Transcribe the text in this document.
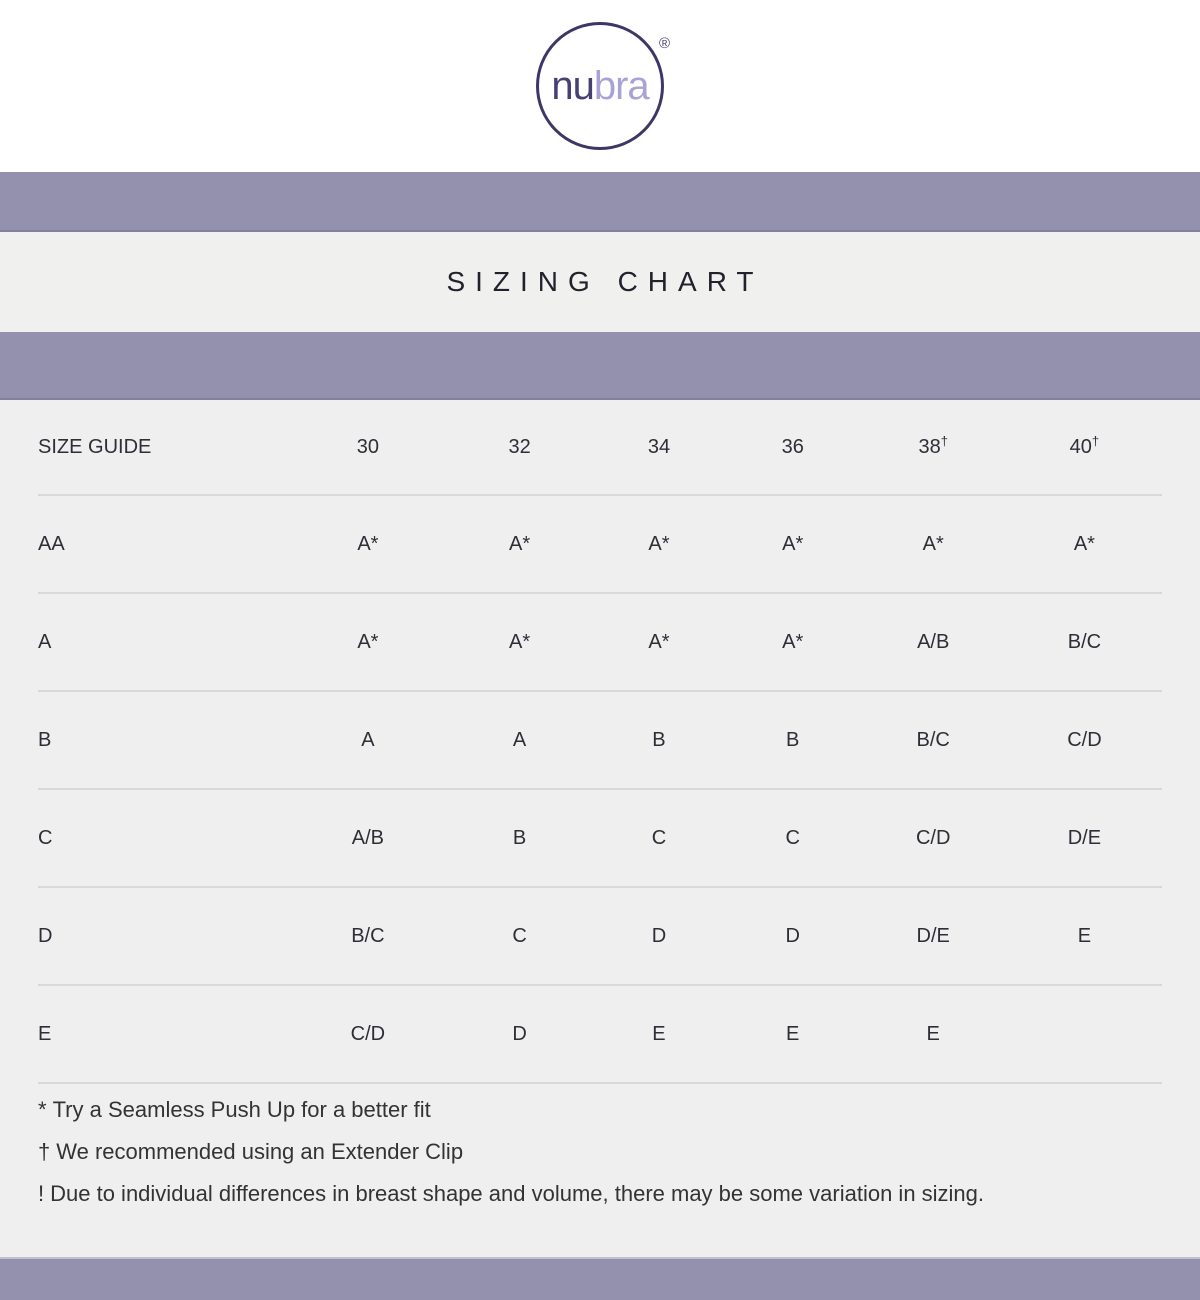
nubra
®
SIZING CHART
SIZE GUIDE	30	32	34	36	38†	40†
AA	A*	A*	A*	A*	A*	A*
A	A*	A*	A*	A*	A/B	B/C
B	A	A	B	B	B/C	C/D
C	A/B	B	C	C	C/D	D/E
D	B/C	C	D	D	D/E	E
E	C/D	D	E	E	E	

* Try a Seamless Push Up for a better fit

† We recommended using an Extender Clip

! Due to individual differences in breast shape and volume, there may be some variation in sizing.
